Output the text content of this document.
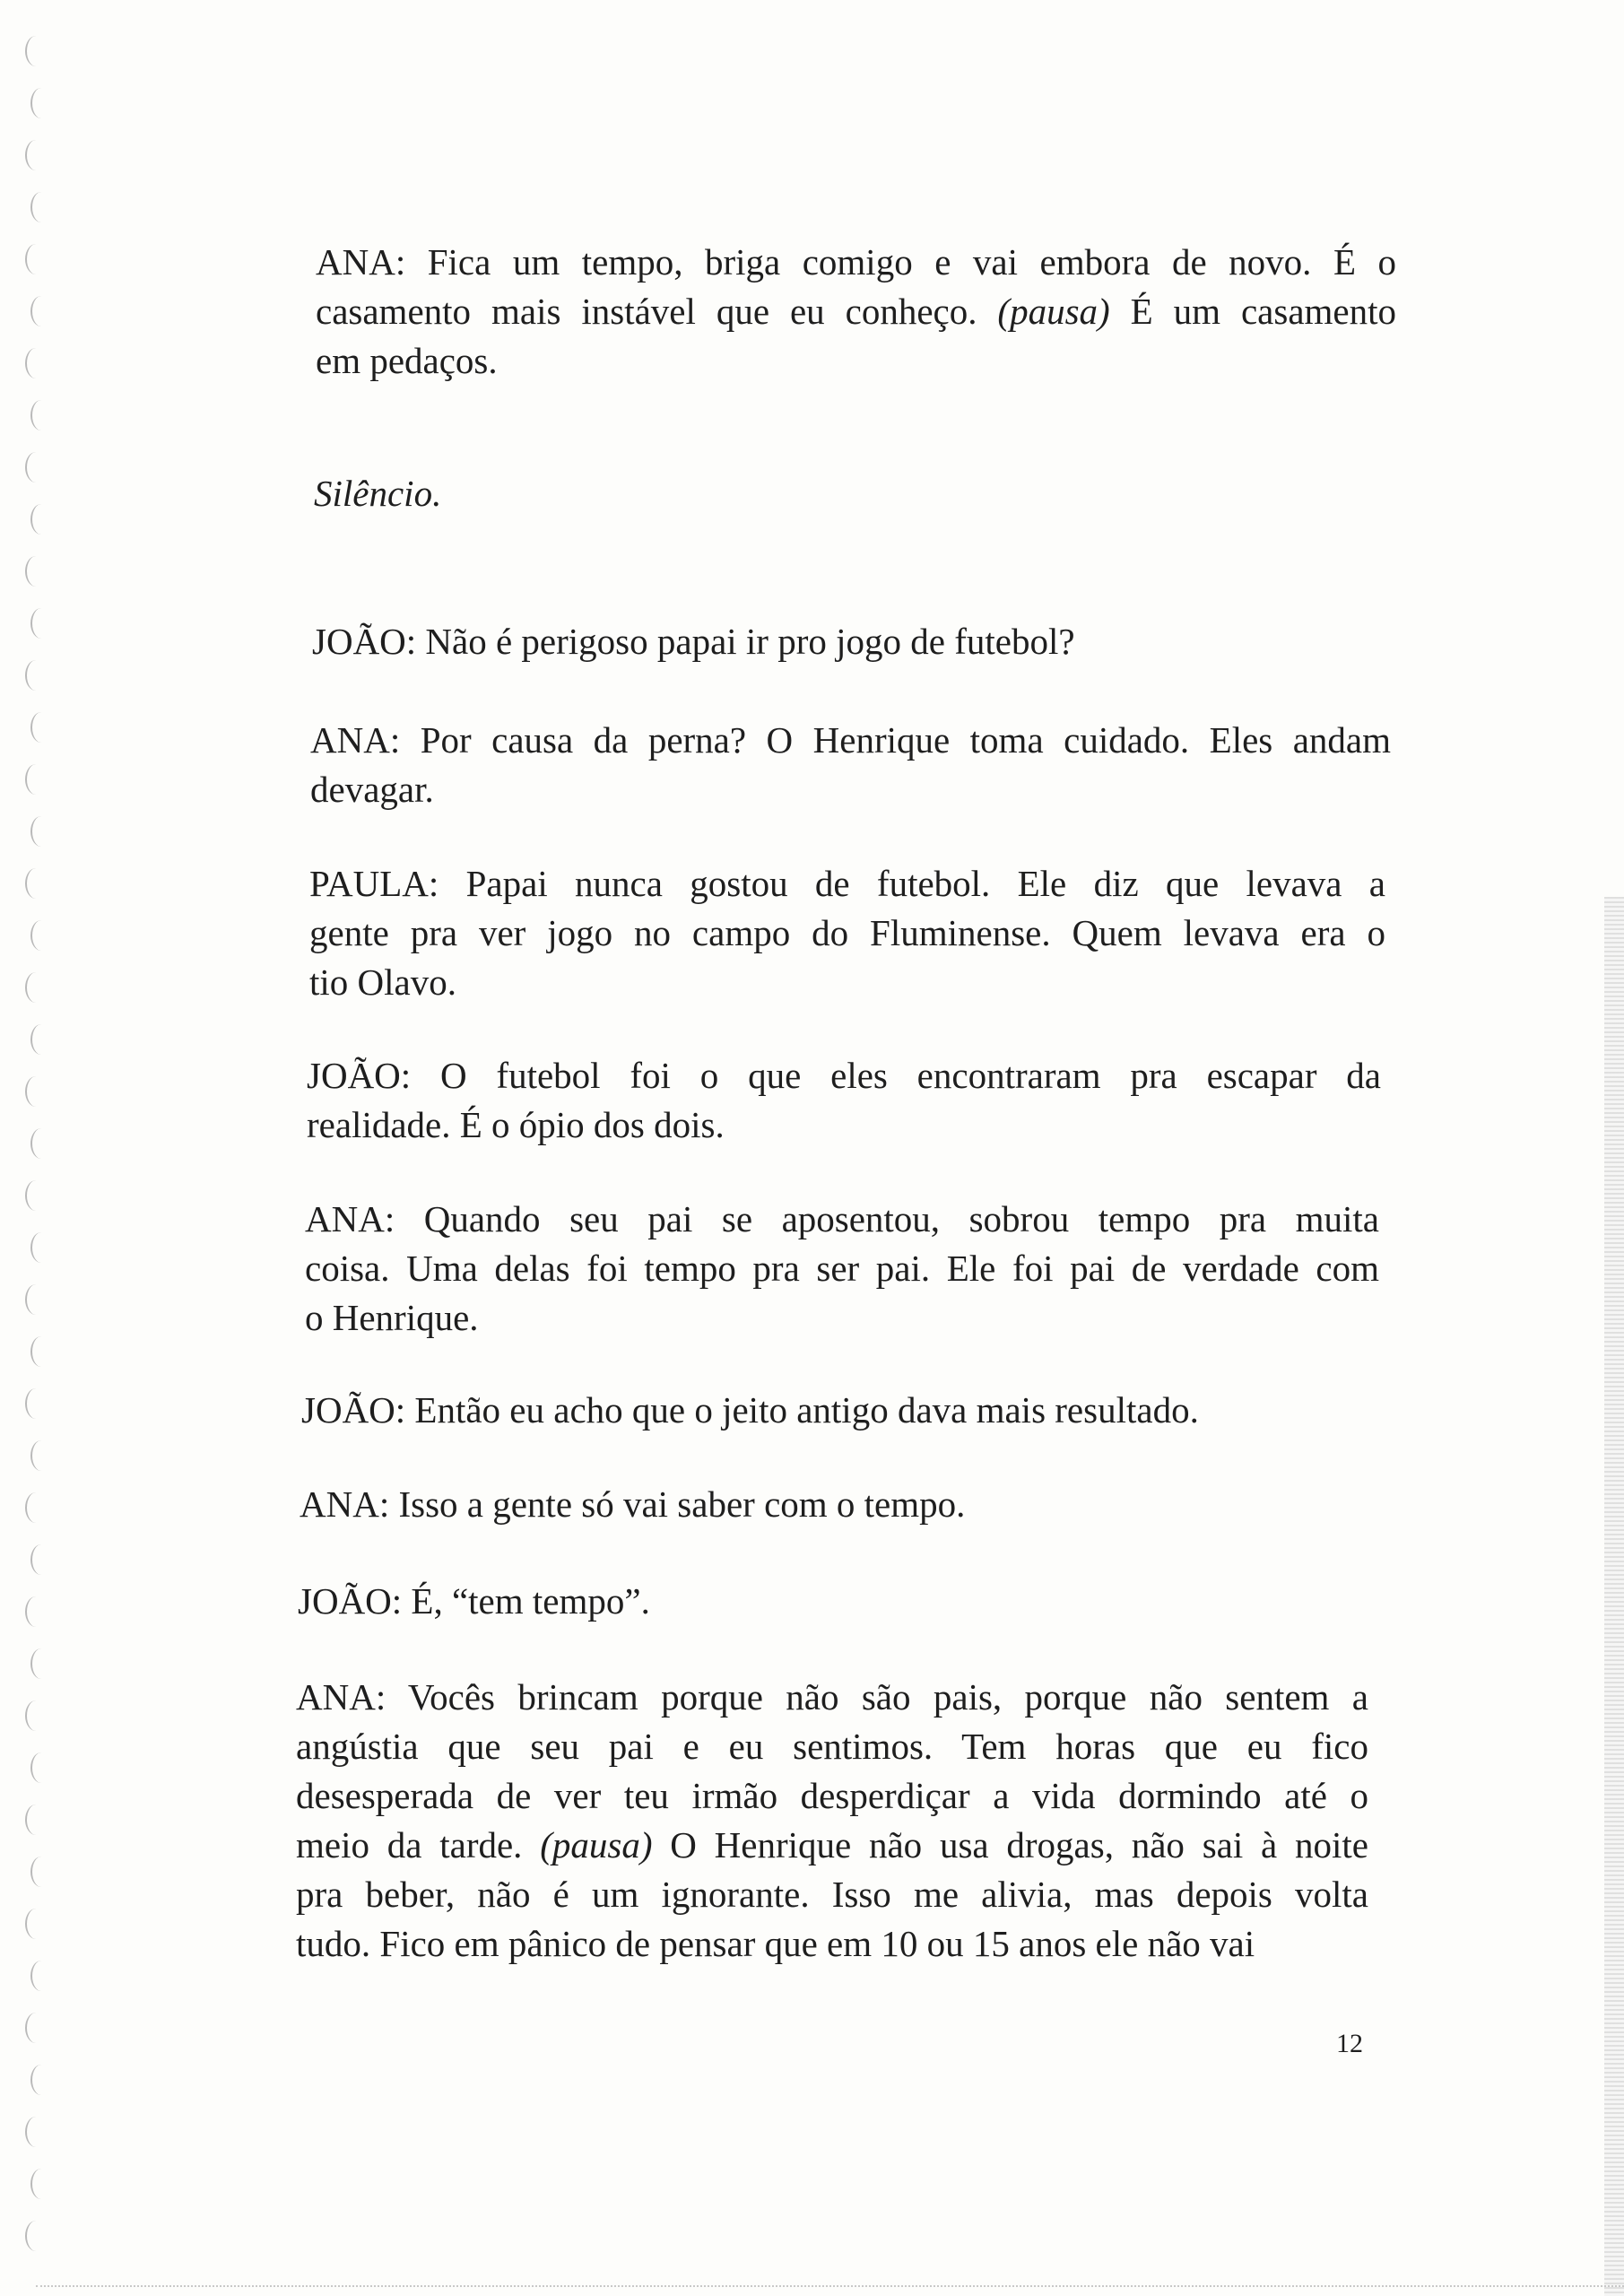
ANA: Fica um tempo, briga comigo e vai embora de novo. É o
casamento mais instável que eu conheço. (pausa) É um casamento
em pedaços.

Silêncio.

JOÃO: Não é perigoso papai ir pro jogo de futebol?

ANA: Por causa da perna? O Henrique toma cuidado. Eles andam
devagar.

PAULA: Papai nunca gostou de futebol. Ele diz que levava a
gente pra ver jogo no campo do Fluminense. Quem levava era o
tio Olavo.

JOÃO: O futebol foi o que eles encontraram pra escapar da
realidade. É o ópio dos dois.

ANA: Quando seu pai se aposentou, sobrou tempo pra muita
coisa. Uma delas foi tempo pra ser pai. Ele foi pai de verdade com
o Henrique.

JOÃO: Então eu acho que o jeito antigo dava mais resultado.

ANA: Isso a gente só vai saber com o tempo.

JOÃO: É, “tem tempo”.

ANA: Vocês brincam porque não são pais, porque não sentem a
angústia que seu pai e eu sentimos. Tem horas que eu fico
desesperada de ver teu irmão desperdiçar a vida dormindo até o
meio da tarde. (pausa) O Henrique não usa drogas, não sai à noite
pra beber, não é um ignorante. Isso me alivia, mas depois volta
tudo. Fico em pânico de pensar que em 10 ou 15 anos ele não vai

12
